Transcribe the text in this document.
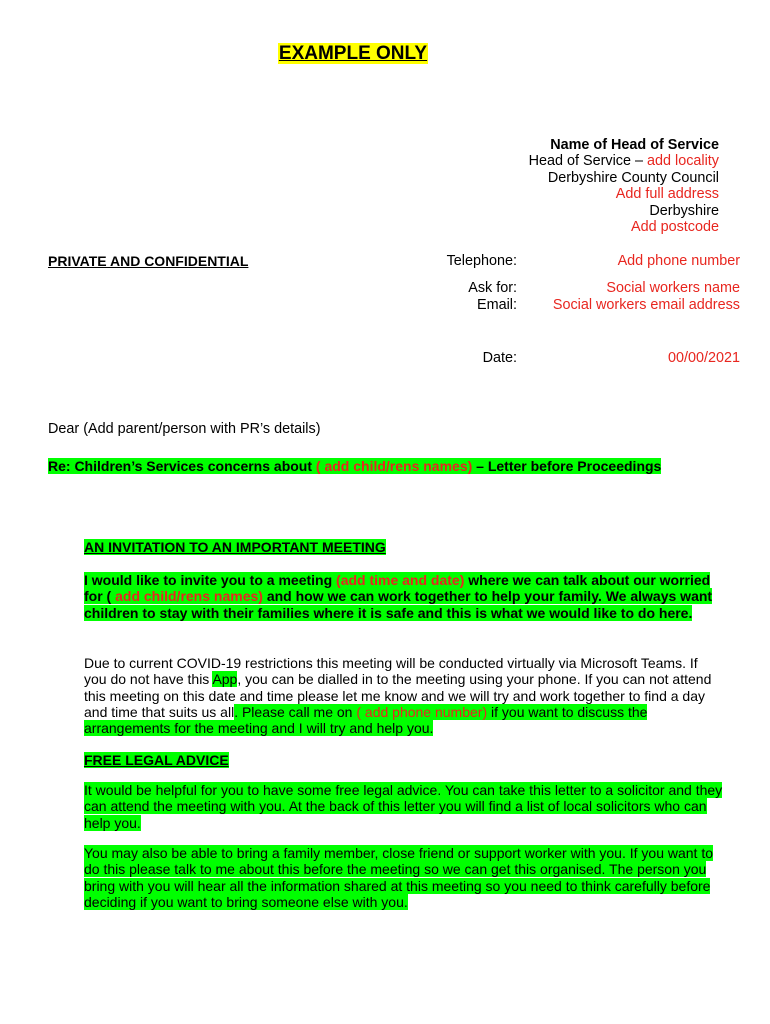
EXAMPLE ONLY
Name of Head of Service
Head of Service – add locality
Derbyshire County Council
Add full address
Derbyshire
Add postcode
PRIVATE AND CONFIDENTIAL	Telephone:	Add phone number
Ask for:	Social workers name
Email:	Social workers email address
Date:	00/00/2021
Dear (Add parent/person with PR’s details)
Re: Children’s Services concerns about ( add child/rens names) – Letter before Proceedings
AN INVITATION TO AN IMPORTANT MEETING
I would like to invite you to a meeting (add time and date) where we can talk about our worried for ( add child/rens names) and how we can work together to help your family. We always want children to stay with their families where it is safe and this is what we would like to do here.
Due to current COVID-19 restrictions this meeting will be conducted virtually via Microsoft Teams. If you do not have this App, you can be dialled in to the meeting using your phone. If you can not attend this meeting on this date and time please let me know and we will try and work together to find a day and time that suits us all. Please call me on ( add phone number) if you want to discuss the arrangements for the meeting and I will try and help you.
FREE LEGAL ADVICE
It would be helpful for you to have some free legal advice. You can take this letter to a solicitor and they can attend the meeting with you. At the back of this letter you will find a list of local solicitors who can help you.
You may also be able to bring a family member, close friend or support worker with you. If you want to do this please talk to me about this before the meeting so we can get this organised. The person you bring with you will hear all the information shared at this meeting so you need to think carefully before deciding if you want to bring someone else with you.
